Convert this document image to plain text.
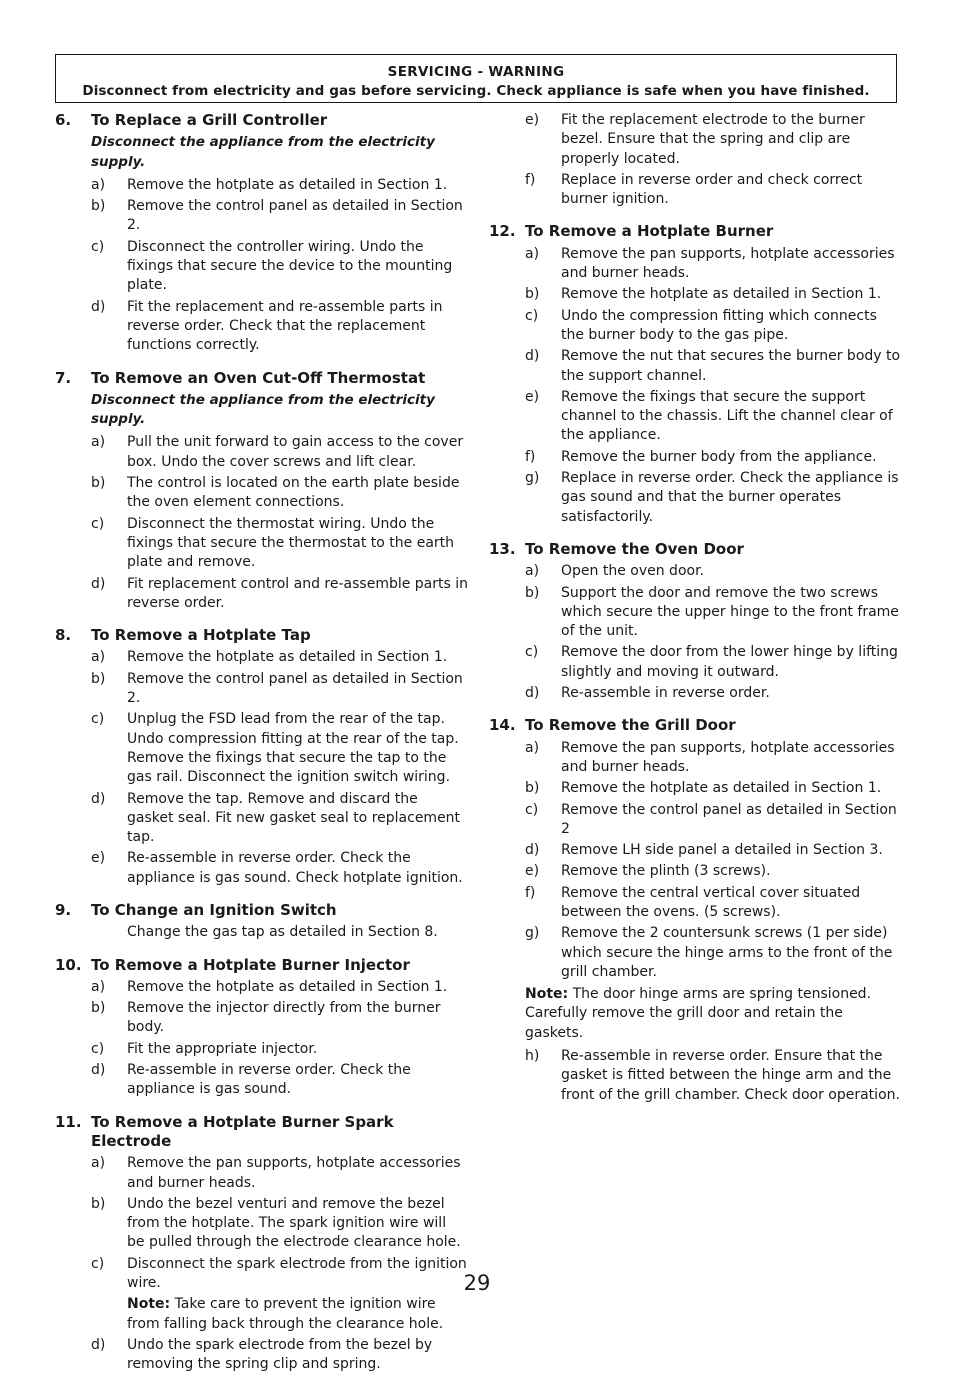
SERVICING - WARNING
Disconnect from electricity and gas before servicing. Check appliance is safe when you have finished.
6.	To Replace a Grill Controller
Disconnect the appliance from the electricity supply.
a)	Remove the hotplate as detailed in Section 1.
b)	Remove the control panel as detailed in Section 2.
c)	Disconnect the controller wiring. Undo the fixings that secure the device to the mounting plate.
d)	Fit the replacement and re-assemble parts in reverse order. Check that the replacement functions correctly.
7.	To Remove an Oven Cut-Off Thermostat
Disconnect the appliance from the electricity supply.
a)	Pull the unit forward to gain access to the cover box. Undo the cover screws and lift clear.
b)	The control is located on the earth plate beside the oven element connections.
c)	Disconnect the thermostat wiring. Undo the fixings that secure the thermostat to the earth plate and remove.
d)	Fit replacement control and re-assemble parts in reverse order.
8.	To Remove a Hotplate Tap
a)	Remove the hotplate as detailed in Section 1.
b)	Remove the control panel as detailed in Section 2.
c)	Unplug the FSD lead from the rear of the tap. Undo compression fitting at the rear of the tap. Remove the fixings that secure the tap to the gas rail. Disconnect the ignition switch wiring.
d)	Remove the tap. Remove and discard the gasket seal. Fit new gasket seal to replacement tap.
e)	Re-assemble in reverse order. Check the appliance is gas sound. Check hotplate ignition.
9.	To Change an Ignition Switch
Change the gas tap as detailed in Section 8.
10. To Remove a Hotplate Burner Injector
a)	Remove the hotplate as detailed in Section 1.
b)	Remove the injector directly from the burner body.
c)	Fit the appropriate injector.
d)	Re-assemble in reverse order. Check the appliance is gas sound.
11. To Remove a Hotplate Burner Spark Electrode
a)	Remove the pan supports, hotplate accessories and burner heads.
b)	Undo the bezel venturi and remove the bezel from the hotplate. The spark ignition wire will be pulled through the electrode clearance hole.
c)	Disconnect the spark electrode from the ignition wire.
Note: Take care to prevent the ignition wire from falling back through the clearance hole.
d)	Undo the spark electrode from the bezel by removing the spring clip and spring.
e)	Fit the replacement electrode to the burner bezel. Ensure that the spring and clip are properly located.
f)	Replace in reverse order and check correct burner ignition.
12. To Remove a Hotplate Burner
a)	Remove the pan supports, hotplate accessories and burner heads.
b)	Remove the hotplate as detailed in Section 1.
c)	Undo the compression fitting which connects the burner body to the gas pipe.
d)	Remove the nut that secures the burner body to the support channel.
e)	Remove the fixings that secure the support channel to the chassis. Lift the channel clear of the appliance.
f)	Remove the burner body from the appliance.
g)	Replace in reverse order. Check the appliance is gas sound and that the burner operates satisfactorily.
13. To Remove the Oven Door
a)	Open the oven door.
b)	Support the door and remove the two screws which secure the upper hinge to the front frame of the unit.
c)	Remove the door from the lower hinge by lifting slightly and moving it outward.
d)	Re-assemble in reverse order.
14. To Remove the Grill Door
a)	Remove the pan supports, hotplate accessories and burner heads.
b)	Remove the hotplate as detailed in Section 1.
c)	Remove the control panel as detailed in Section 2
d)	Remove LH side panel a detailed in Section 3.
e)	Remove the plinth (3 screws).
f)	Remove the central vertical cover situated between the ovens. (5 screws).
g)	Remove the 2 countersunk screws (1 per side) which secure the hinge arms to the front of the grill chamber.
Note: The door hinge arms are spring tensioned. Carefully remove the grill door and retain the gaskets.
h)	Re-assemble in reverse order. Ensure that the gasket is fitted between the hinge arm and the front of the grill chamber. Check door operation.
29
